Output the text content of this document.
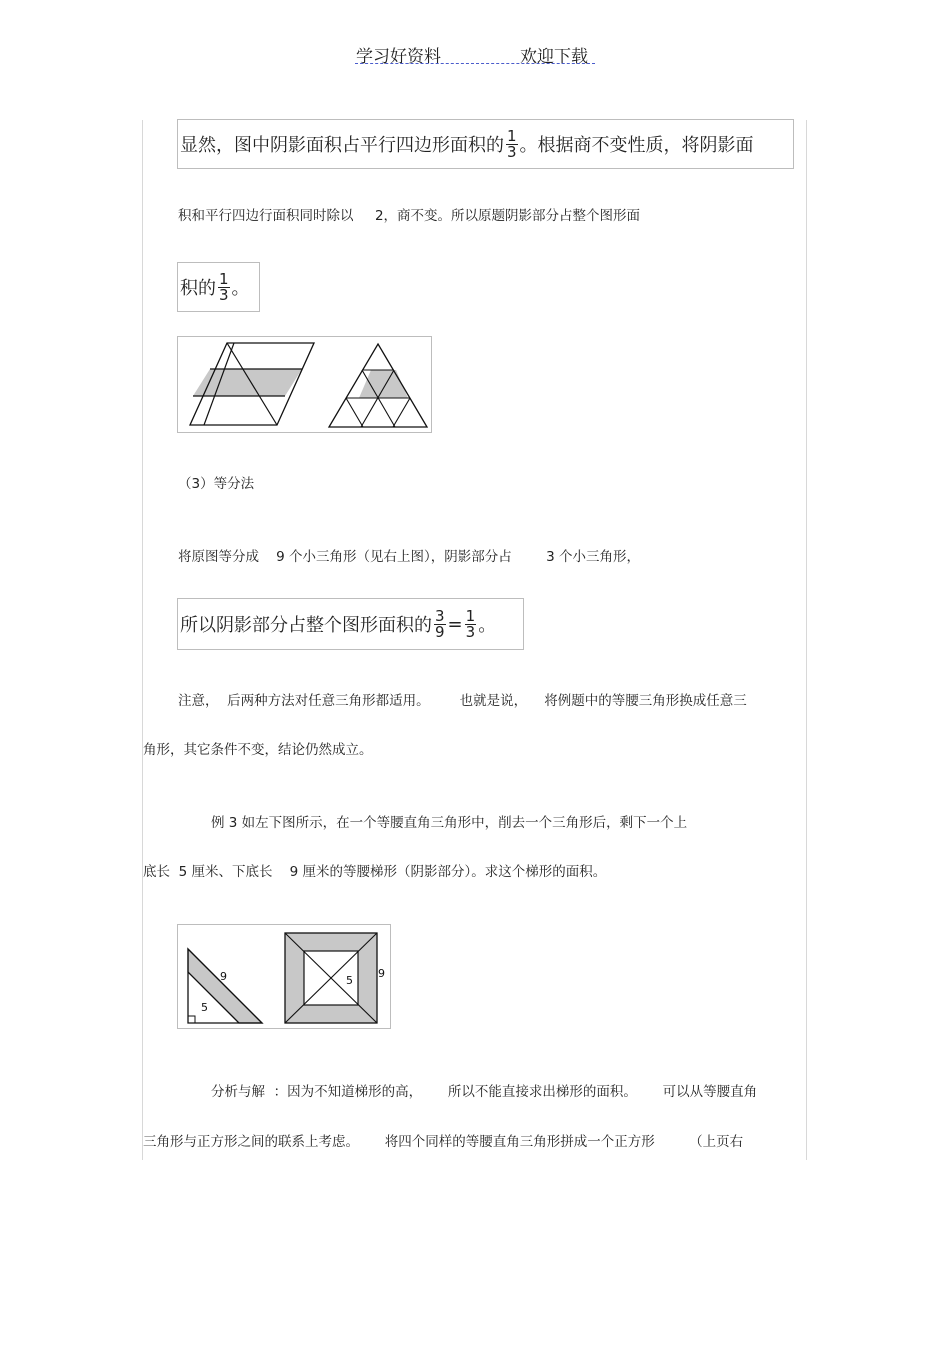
学习好资料	欢迎下载
显然，图中阴影面积占平行四边形面积的 $\frac{1}{3}$ 。根据商不变性质，将阴影面
积和平行四边行面积同时除以     2，商不变。所以原题阴影部分占整个图形面
积的 $\frac{1}{3}$ 。
（3）等分法
将原图等分成    9 个小三角形（见右上图），阴影部分占        3 个小三角形，
所以阴影部分占整个图形面积的 $\frac{3}{9} = \frac{1}{3}$ 。
注意，  后两种方法对任意三角形都适用。       也就是说，    将例题中的等腰三角形换成任意三
角形，其它条件不变，结论仍然成立。
例 3 如左下图所示，在一个等腰直角三角形中，削去一个三角形后，剩下一个上
底长  5 厘米、下底长    9 厘米的等腰梯形（阴影部分）。求这个梯形的面积。
9
5
5
9
分析与解  ：因为不知道梯形的高，      所以不能直接求出梯形的面积。      可以从等腰直角
三角形与正方形之间的联系上考虑。      将四个同样的等腰直角三角形拼成一个正方形        （上页右
